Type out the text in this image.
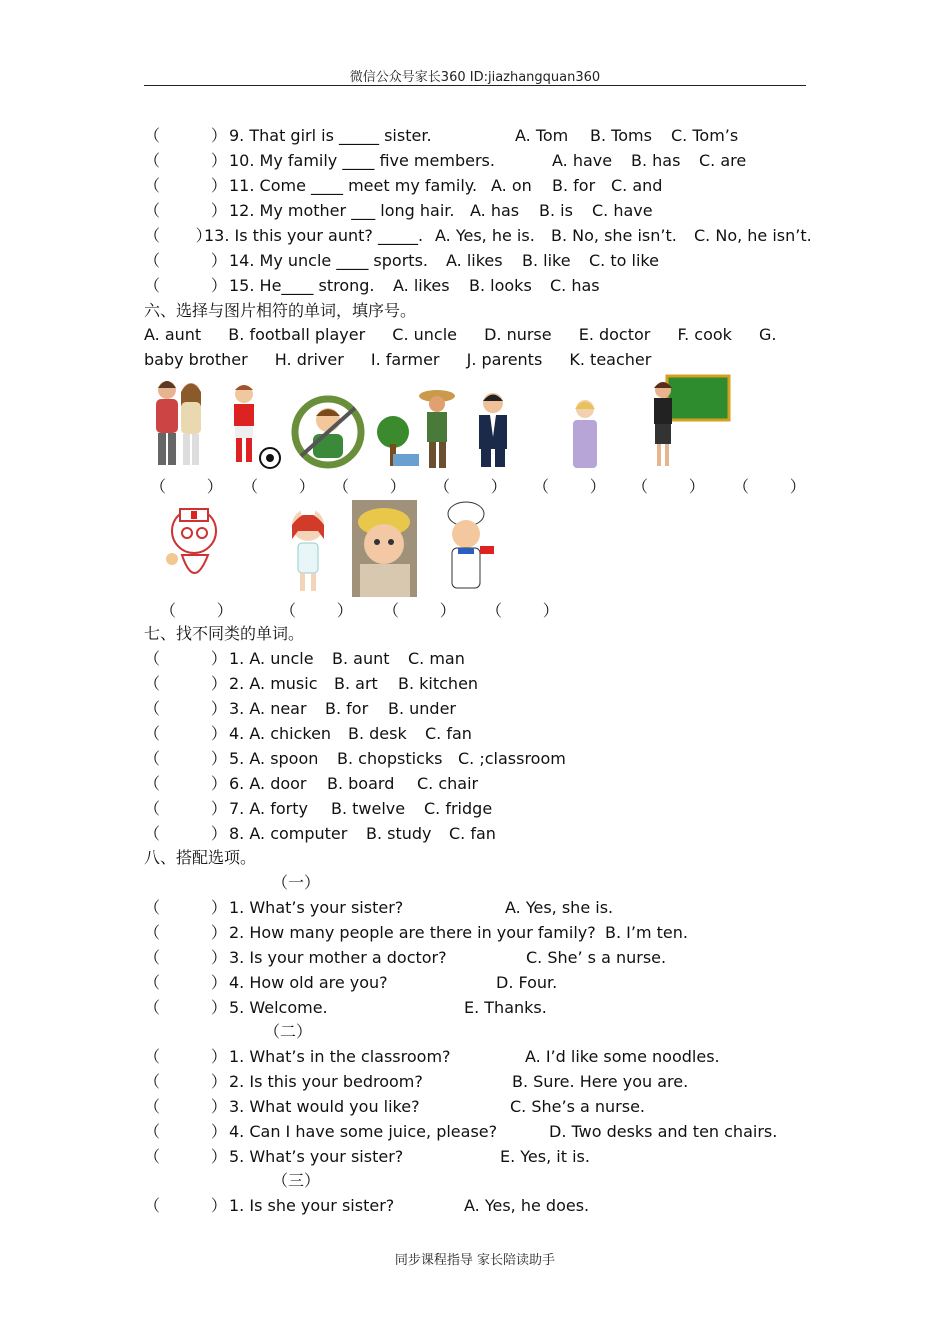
微信公众号家长360 ID:jiazhangquan360
（          ） 9. That girl is _____ sister.	A. Tom B. Toms C. Tom’s
（          ） 10. My family ____ five members.	A. have B. has C. are
（          ） 11. Come ____ meet my family. A. on B. for C. and
（          ） 12. My mother ___ long hair. A. has B. is C. have
（       ）13. Is this your aunt? _____. A. Yes, he is. B. No, she isn’t. C. No, he isn’t.
（          ） 14. My uncle ____ sports. A. likes B. like C. to like
（          ） 15. He____ strong. A. likes B. looks C. has
六、选择与图片相符的单词，填序号。
A. aunt B. football player C. uncle D. nurse E. doctor F. cook G. baby brother H. driver I. farmer J. parents K. teacher
（        ） （        ） （        ） （        ） （        ） （        ） （        ）
（        ）	（        ） （        ） （        ）
七、找不同类的单词。
（          ） 1. A. uncle B. aunt C. man
（          ） 2. A. music B. art B. kitchen
（          ） 3. A. near B. for B. under
（          ） 4. A. chicken B. desk C. fan
（          ） 5. A. spoon B. chopsticks C. ;classroom
（          ） 6. A. door B. board C. chair
（          ） 7. A. forty B. twelve C. fridge
（          ） 8. A. computer B. study C. fan
八、搭配选项。
（一）
（          ） 1. What’s your sister?	A. Yes, she is.
（          ） 2. How many people are there in your family? B. I’m ten.
（          ） 3. Is your mother a doctor?	C. She’ s a nurse.
（          ） 4. How old are you?	D. Four.
（          ） 5. Welcome.	E. Thanks.
（二）
（          ） 1. What’s in the classroom?	A. I’d like some noodles.
（          ） 2. Is this your bedroom?	B. Sure. Here you are.
（          ） 3. What would you like?	C. She’s a nurse.
（          ） 4. Can I have some juice, please?	D. Two desks and ten chairs.
（          ） 5. What’s your sister?	E. Yes, it is.
（三）
（          ） 1. Is she your sister?	A. Yes, he does.
同步课程指导 家长陪读助手
